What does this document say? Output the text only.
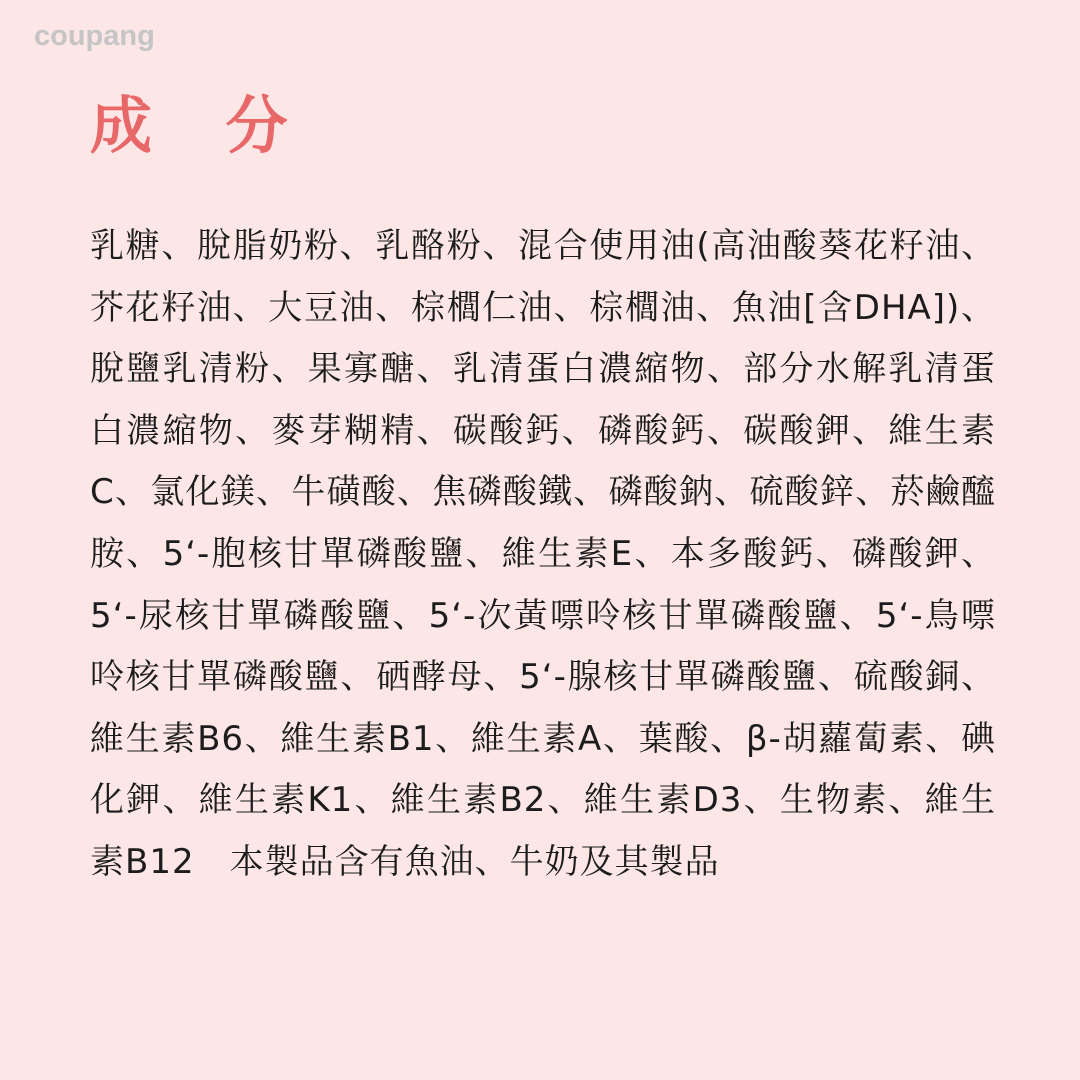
coupang
成 分
乳糖、脫脂奶粉、乳酪粉、混合使用油(高油酸葵花籽油、芥花籽油、大豆油、棕櫚仁油、棕櫚油、魚油[含DHA])、脫鹽乳清粉、果寡醣、乳清蛋白濃縮物、部分水解乳清蛋白濃縮物、麥芽糊精、碳酸鈣、磷酸鈣、碳酸鉀、維生素C、氯化鎂、牛磺酸、焦磷酸鐵、磷酸鈉、硫酸鋅、菸鹼醯胺、5‘-胞核甘單磷酸鹽、維生素E、本多酸鈣、磷酸鉀、5‘-尿核甘單磷酸鹽、5‘-次黃嘌呤核甘單磷酸鹽、5‘-鳥嘌呤核甘單磷酸鹽、硒酵母、5‘-腺核甘單磷酸鹽、硫酸銅、維生素B6、維生素B1、維生素A、葉酸、β-胡蘿蔔素、碘化鉀、維生素K1、維生素B2、維生素D3、生物素、維生素B12　本製品含有魚油、牛奶及其製品
